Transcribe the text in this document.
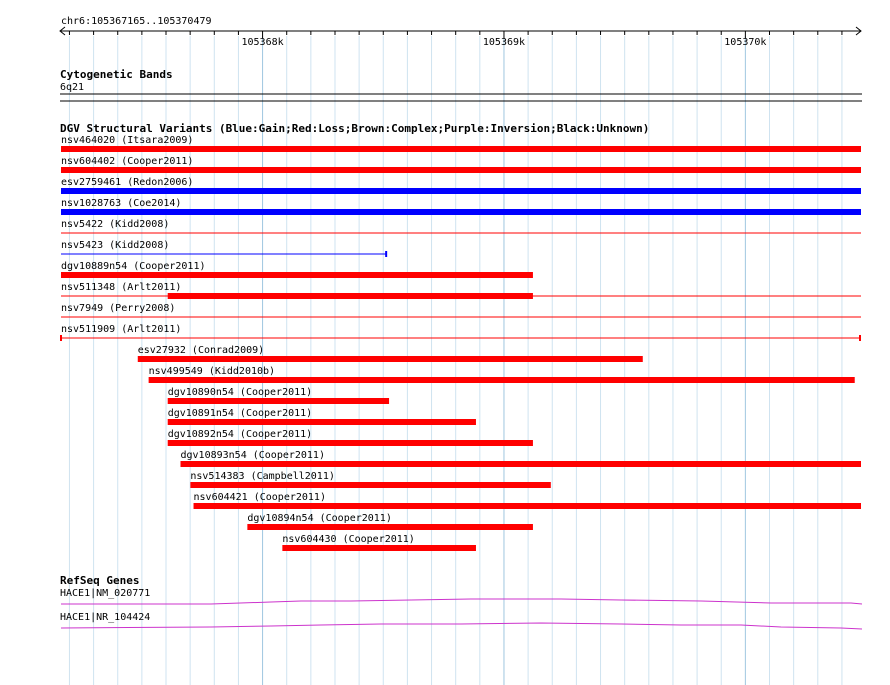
chr6:105367165..105370479
105368k	105369k	105370k
Cytogenetic Bands
6q21
DGV Structural Variants (Blue:Gain;Red:Loss;Brown:Complex;Purple:Inversion;Black:Unknown)
nsv464020 (Itsara2009)
nsv604402 (Cooper2011)
esv2759461 (Redon2006)
nsv1028763 (Coe2014)
nsv5422 (Kidd2008)
nsv5423 (Kidd2008)
dgv10889n54 (Cooper2011)
nsv511348 (Arlt2011)
nsv7949 (Perry2008)
nsv511909 (Arlt2011)
esv27932 (Conrad2009)
nsv499549 (Kidd2010b)
dgv10890n54 (Cooper2011)
dgv10891n54 (Cooper2011)
dgv10892n54 (Cooper2011)
dgv10893n54 (Cooper2011)
nsv514383 (Campbell2011)
nsv604421 (Cooper2011)
dgv10894n54 (Cooper2011)
nsv604430 (Cooper2011)
RefSeq Genes
HACE1|NM_020771
HACE1|NR_104424
